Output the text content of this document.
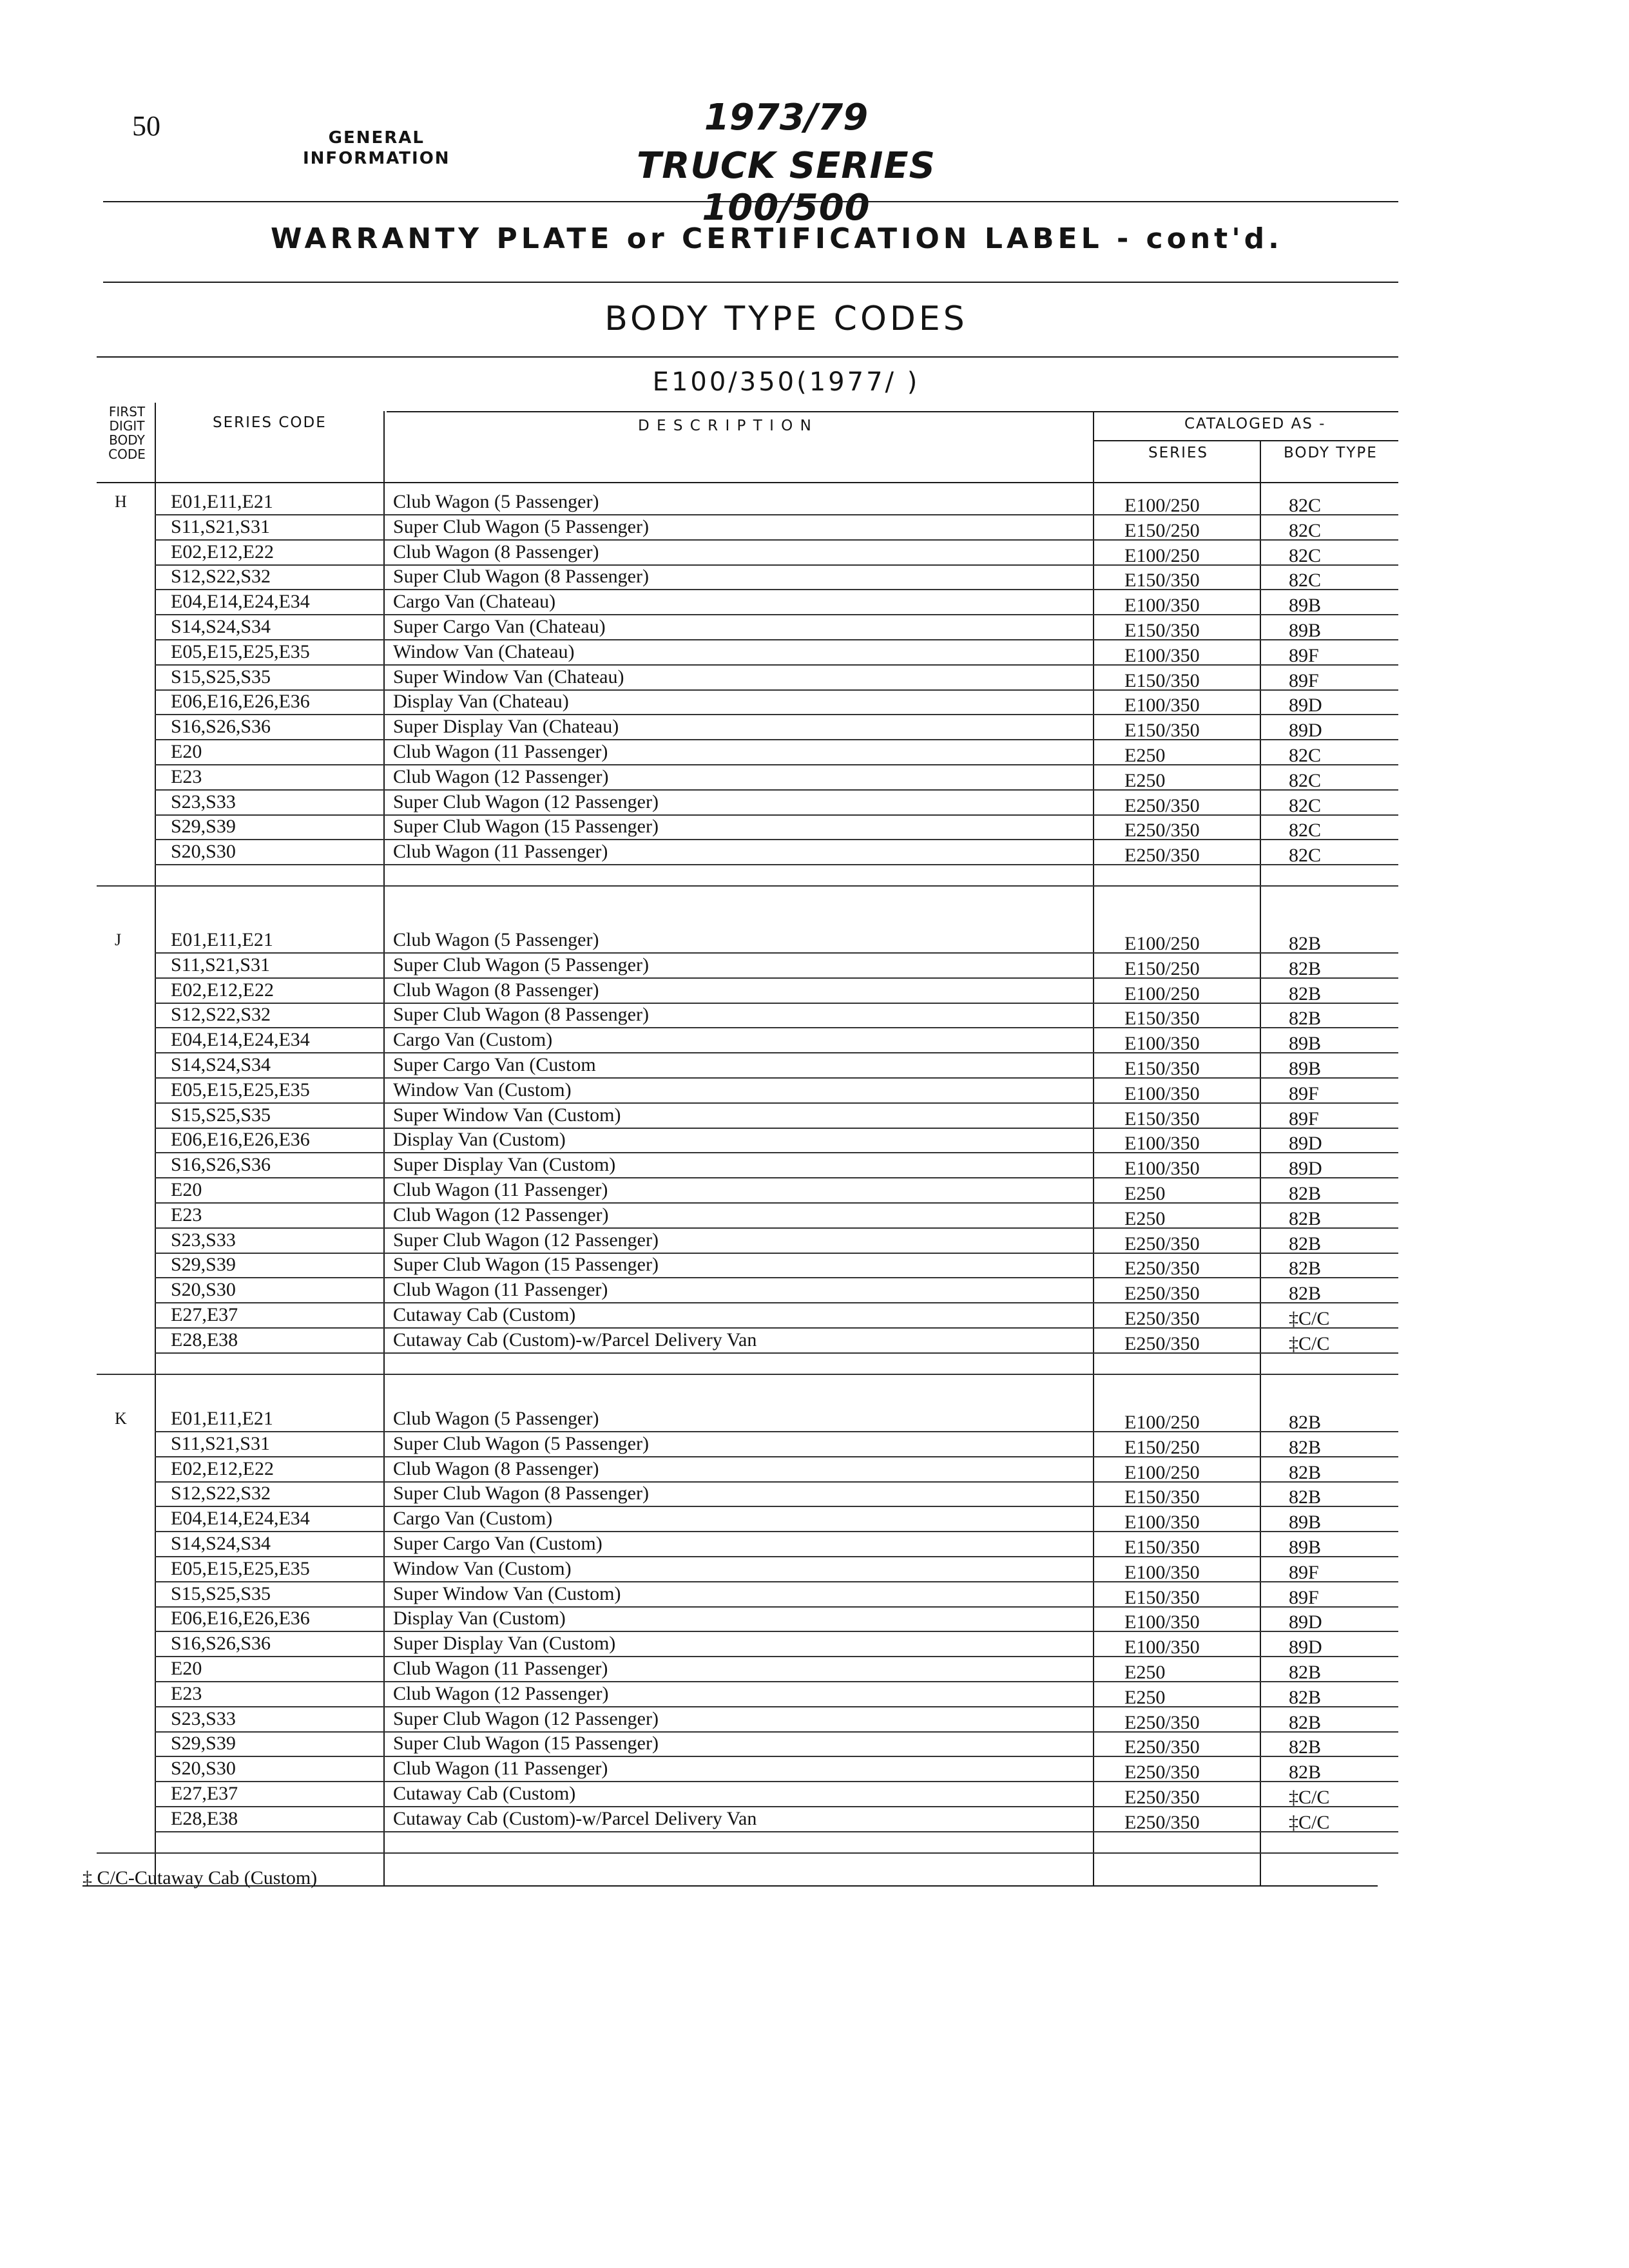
50	GENERAL
INFORMATION
1973/79
TRUCK SERIES 100/500
WARRANTY PLATE or CERTIFICATION LABEL - cont'd.
BODY TYPE CODES
E100/350(1977/ )
FIRST
DIGIT
BODY
CODE
SERIES CODE	D E S C R I P T I O N	CATALOGED AS -
SERIES	BODY TYPE
H E01,E11,E21	Club Wagon (5 Passenger)	E100/250	82C
S11,S21,S31	Super Club Wagon (5 Passenger)	E150/250	82C
E02,E12,E22	Club Wagon (8 Passenger)	E100/250	82C
S12,S22,S32	Super Club Wagon (8 Passenger)	E150/350	82C
E04,E14,E24,E34	Cargo Van (Chateau)	E100/350	89B
S14,S24,S34	Super Cargo Van (Chateau)	E150/350	89B
E05,E15,E25,E35	Window Van (Chateau)	E100/350	89F
S15,S25,S35	Super Window Van (Chateau)	E150/350	89F
E06,E16,E26,E36	Display Van (Chateau)	E100/350	89D
S16,S26,S36	Super Display Van (Chateau)	E150/350	89D
E20	Club Wagon (11 Passenger)	E250	82C
E23	Club Wagon (12 Passenger)	E250	82C
S23,S33	Super Club Wagon (12 Passenger)	E250/350	82C
S29,S39	Super Club Wagon (15 Passenger)	E250/350	82C
S20,S30	Club Wagon (11 Passenger)	E250/350	82C
J	E01,E11,E21	Club Wagon (5 Passenger)	E100/250	82B
S11,S21,S31	Super Club Wagon (5 Passenger)	E150/250	82B
E02,E12,E22	Club Wagon (8 Passenger)	E100/250	82B
S12,S22,S32	Super Club Wagon (8 Passenger)	E150/350	82B
E04,E14,E24,E34	Cargo Van (Custom)	E100/350	89B
S14,S24,S34	Super Cargo Van (Custom	E150/350	89B
E05,E15,E25,E35	Window Van (Custom)	E100/350	89F
S15,S25,S35	Super Window Van (Custom)	E150/350	89F
E06,E16,E26,E36	Display Van (Custom)	E100/350	89D
S16,S26,S36	Super Display Van (Custom)	E100/350	89D
E20	Club Wagon (11 Passenger)	E250	82B
E23	Club Wagon (12 Passenger)	E250	82B
S23,S33	Super Club Wagon (12 Passenger)	E250/350	82B
S29,S39	Super Club Wagon (15 Passenger)	E250/350	82B
S20,S30	Club Wagon (11 Passenger)	E250/350	82B
E27,E37	Cutaway Cab (Custom)	E250/350	‡C/C
E28,E38	Cutaway Cab (Custom)-w/Parcel Delivery Van	E250/350	‡C/C
K E01,E11,E21	Club Wagon (5 Passenger)	E100/250	82B
S11,S21,S31	Super Club Wagon (5 Passenger)	E150/250	82B
E02,E12,E22	Club Wagon (8 Passenger)	E100/250	82B
S12,S22,S32	Super Club Wagon (8 Passenger)	E150/350	82B
E04,E14,E24,E34	Cargo Van (Custom)	E100/350	89B
S14,S24,S34	Super Cargo Van (Custom)	E150/350	89B
E05,E15,E25,E35	Window Van (Custom)	E100/350	89F
S15,S25,S35	Super Window Van (Custom)	E150/350	89F
E06,E16,E26,E36	Display Van (Custom)	E100/350	89D
S16,S26,S36	Super Display Van (Custom)	E100/350	89D
E20	Club Wagon (11 Passenger)	E250	82B
E23	Club Wagon (12 Passenger)	E250	82B
S23,S33	Super Club Wagon (12 Passenger)	E250/350	82B
S29,S39	Super Club Wagon (15 Passenger)	E250/350	82B
S20,S30	Club Wagon (11 Passenger)	E250/350	82B
E27,E37	Cutaway Cab (Custom)	E250/350	‡C/C
E28,E38	Cutaway Cab (Custom)-w/Parcel Delivery Van	E250/350	‡C/C
‡ C/C-Cutaway Cab (Custom)
